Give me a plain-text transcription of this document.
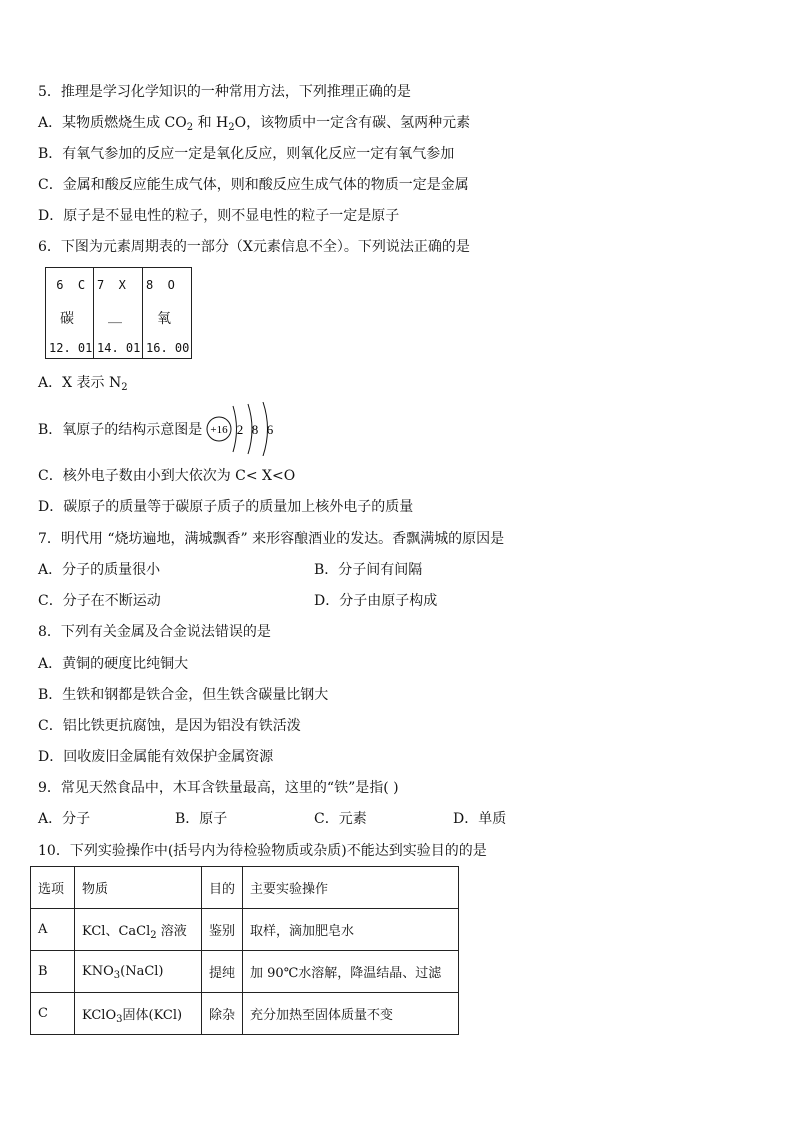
5．推理是学习化学知识的一种常用方法，下列推理正确的是
A．某物质燃烧生成 $CO_2$ 和 $H_2O$，该物质中一定含有碳、氢两种元素
B．有氧气参加的反应一定是氧化反应，则氧化反应一定有氧气参加
C．金属和酸反应能生成气体，则和酸反应生成气体的物质一定是金属
D．原子是不显电性的粒子，则不显电性的粒子一定是原子
6．下图为元素周期表的一部分（X元素信息不全）。下列说法正确的是
6  C
碳
12. 01
7  X
__
14. 01
8  O
氧
16. 00
A．X 表示 $N_2$
B．氧原子的结构示意图是 +16 2 8 6
C．核外电子数由小到大依次为 C< X<O
D．碳原子的质量等于碳原子质子的质量加上核外电子的质量
7．明代用 “烧坊遍地，满城飘香” 来形容酿酒业的发达。香飘满城的原因是
A．分子的质量很小	B．分子间有间隔
C．分子在不断运动	D．分子由原子构成
8．下列有关金属及合金说法错误的是
A．黄铜的硬度比纯铜大
B．生铁和钢都是铁合金，但生铁含碳量比钢大
C．铝比铁更抗腐蚀，是因为铝没有铁活泼
D．回收废旧金属能有效保护金属资源
9．常见天然食品中，木耳含铁量最高，这里的“铁”是指( )
A．分子	B．原子	C．元素	D．单质
10．下列实验操作中(括号内为待检验物质或杂质)不能达到实验目的的是
选项	物质	目的	主要实验操作
A	KCl、CaCl$_2$ 溶液	鉴别	取样，滴加肥皂水
B	$KNO_3(NaCl)$	提纯	加 90℃水溶解，降温结晶、过滤
C	KClO$_3$固体(KCl)	除杂	充分加热至固体质量不变
